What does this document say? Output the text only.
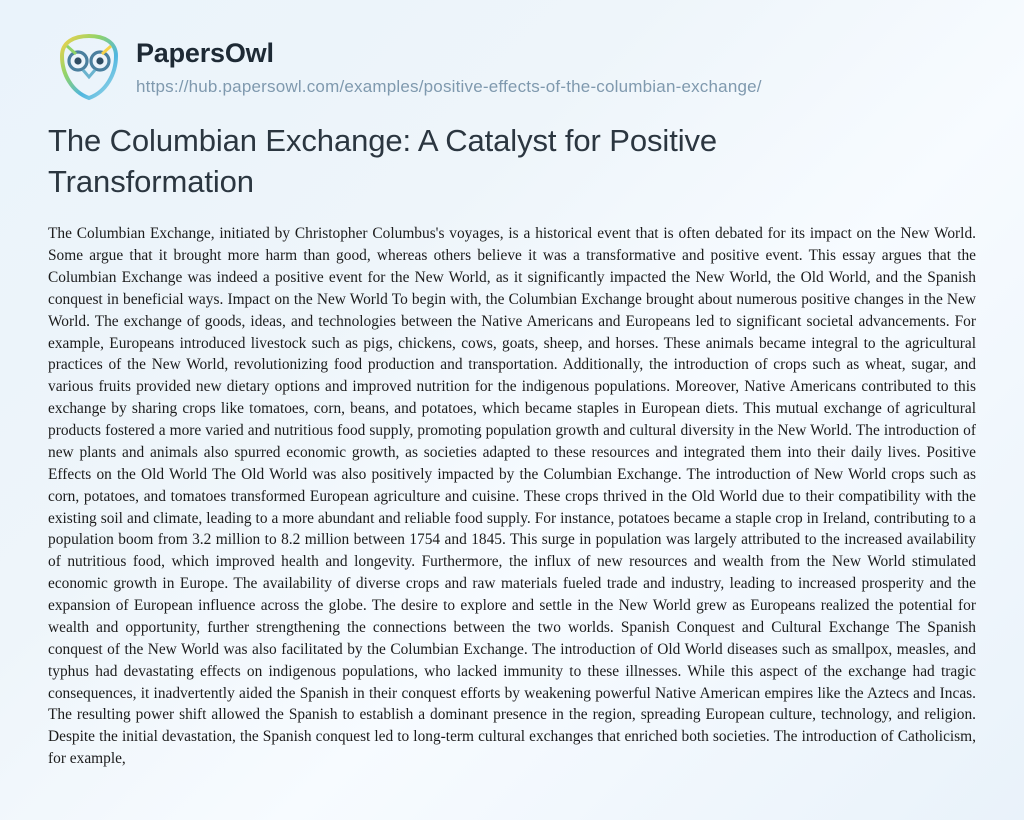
PapersOwl
https://hub.papersowl.com/examples/positive-effects-of-the-columbian-exchange/
The Columbian Exchange: A Catalyst for Positive Transformation

The Columbian Exchange, initiated by Christopher Columbus's voyages, is a historical event that is often debated for its impact on the New World. Some argue that it brought more harm than good, whereas others believe it was a transformative and positive event. This essay argues that the Columbian Exchange was indeed a positive event for the New World, as it significantly impacted the New World, the Old World, and the Spanish conquest in beneficial ways. Impact on the New World To begin with, the Columbian Exchange brought about numerous positive changes in the New World. The exchange of goods, ideas, and technologies between the Native Americans and Europeans led to significant societal advancements. For example, Europeans introduced livestock such as pigs, chickens, cows, goats, sheep, and horses. These animals became integral to the agricultural practices of the New World, revolutionizing food production and transportation. Additionally, the introduction of crops such as wheat, sugar, and various fruits provided new dietary options and improved nutrition for the indigenous populations. Moreover, Native Americans contributed to this exchange by sharing crops like tomatoes, corn, beans, and potatoes, which became staples in European diets. This mutual exchange of agricultural products fostered a more varied and nutritious food supply, promoting population growth and cultural diversity in the New World. The introduction of new plants and animals also spurred economic growth, as societies adapted to these resources and integrated them into their daily lives. Positive Effects on the Old World The Old World was also positively impacted by the Columbian Exchange. The introduction of New World crops such as corn, potatoes, and tomatoes transformed European agriculture and cuisine. These crops thrived in the Old World due to their compatibility with the existing soil and climate, leading to a more abundant and reliable food supply. For instance, potatoes became a staple crop in Ireland, contributing to a population boom from 3.2 million to 8.2 million between 1754 and 1845. This surge in population was largely attributed to the increased availability of nutritious food, which improved health and longevity. Furthermore, the influx of new resources and wealth from the New World stimulated economic growth in Europe. The availability of diverse crops and raw materials fueled trade and industry, leading to increased prosperity and the expansion of European influence across the globe. The desire to explore and settle in the New World grew as Europeans realized the potential for wealth and opportunity, further strengthening the connections between the two worlds. Spanish Conquest and Cultural Exchange The Spanish conquest of the New World was also facilitated by the Columbian Exchange. The introduction of Old World diseases such as smallpox, measles, and typhus had devastating effects on indigenous populations, who lacked immunity to these illnesses. While this aspect of the exchange had tragic consequences, it inadvertently aided the Spanish in their conquest efforts by weakening powerful Native American empires like the Aztecs and Incas. The resulting power shift allowed the Spanish to establish a dominant presence in the region, spreading European culture, technology, and religion. Despite the initial devastation, the Spanish conquest led to long-term cultural exchanges that enriched both societies. The introduction of Catholicism, for example,
